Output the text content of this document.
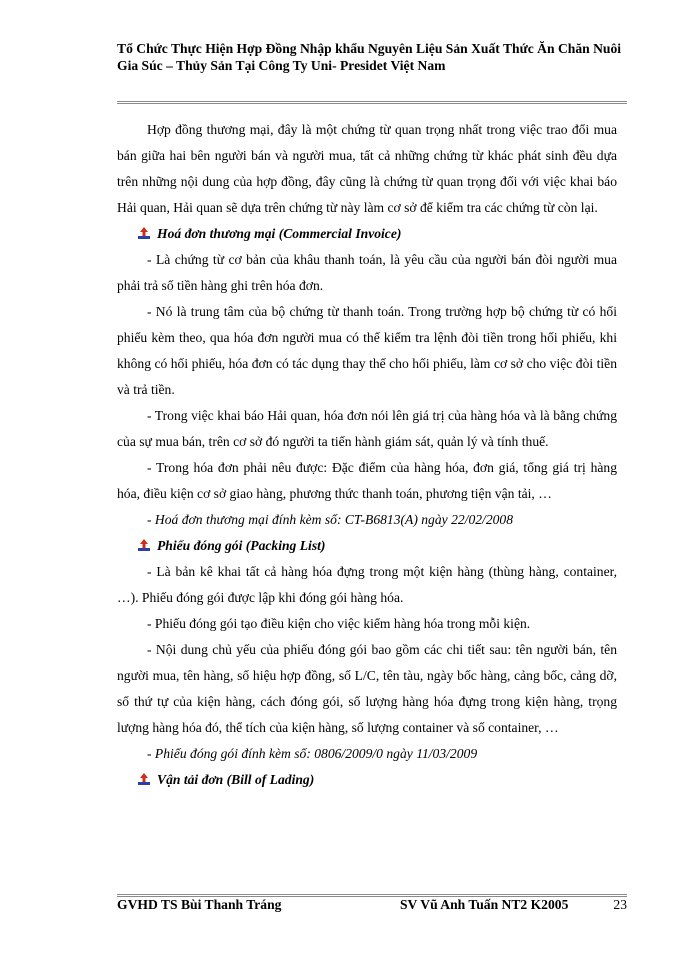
Tổ Chức Thực Hiện Hợp Đồng Nhập khẩu Nguyên Liệu Sản Xuất Thức Ăn Chăn Nuôi Gia Súc – Thủy Sản Tại Công Ty Uni- Presidet Việt Nam

Hợp đồng thương mại, đây là một chứng từ quan trọng nhất trong việc trao đổi mua bán giữa hai bên người bán và người mua, tất cả những chứng từ khác phát sinh đều dựa trên những nội dung của hợp đồng, đây cũng là chứng từ quan trọng đối với việc khai báo Hải quan, Hải quan sẽ dựa trên chứng từ này làm cơ sở để kiểm tra các chứng từ còn lại.

Hoá đơn thương mại (Commercial Invoice)

- Là chứng từ cơ bản của khâu thanh toán, là yêu cầu của người bán đòi người mua phải trả số tiền hàng ghi trên hóa đơn.

- Nó là trung tâm của bộ chứng từ thanh toán. Trong trường hợp bộ chứng từ có hối phiếu kèm theo, qua hóa đơn người mua có thể kiểm tra lệnh đòi tiền trong hối phiếu, khi không có hối phiếu, hóa đơn có tác dụng thay thế cho hối phiếu, làm cơ sở cho việc đòi tiền và trả tiền.

- Trong việc khai báo Hải quan, hóa đơn nói lên giá trị của hàng hóa và là bằng chứng của sự mua bán, trên cơ sở đó người ta tiến hành giám sát, quản lý và tính thuế.

- Trong hóa đơn phải nêu được: Đặc điểm của hàng hóa, đơn giá, tổng giá trị hàng hóa, điều kiện cơ sở giao hàng, phương thức thanh toán, phương tiện vận tải, …

- Hoá đơn thương mại đính kèm số: CT-B6813(A) ngày 22/02/2008

Phiếu đóng gói (Packing List)

- Là bản kê khai tất cả hàng hóa đựng trong một kiện hàng (thùng hàng, container, …). Phiếu đóng gói được lập khi đóng gói hàng hóa.

- Phiếu đóng gói tạo điều kiện cho việc kiểm hàng hóa trong mỗi kiện.

- Nội dung chủ yếu của phiếu đóng gói bao gồm các chi tiết sau: tên người bán, tên người mua, tên hàng, số hiệu hợp đồng, số L/C, tên tàu, ngày bốc hàng, cảng bốc, cảng dỡ, số thứ tự của kiện hàng, cách đóng gói, số lượng hàng hóa đựng trong kiện hàng, trọng lượng hàng hóa đó, thể tích của kiện hàng, số lượng container và số container, …

- Phiếu đóng gói đính kèm số: 0806/2009/0 ngày 11/03/2009

Vận tải đơn (Bill of Lading)

GVHD TS Bùi Thanh Tráng	SV Vũ Anh Tuấn NT2 K2005	23
